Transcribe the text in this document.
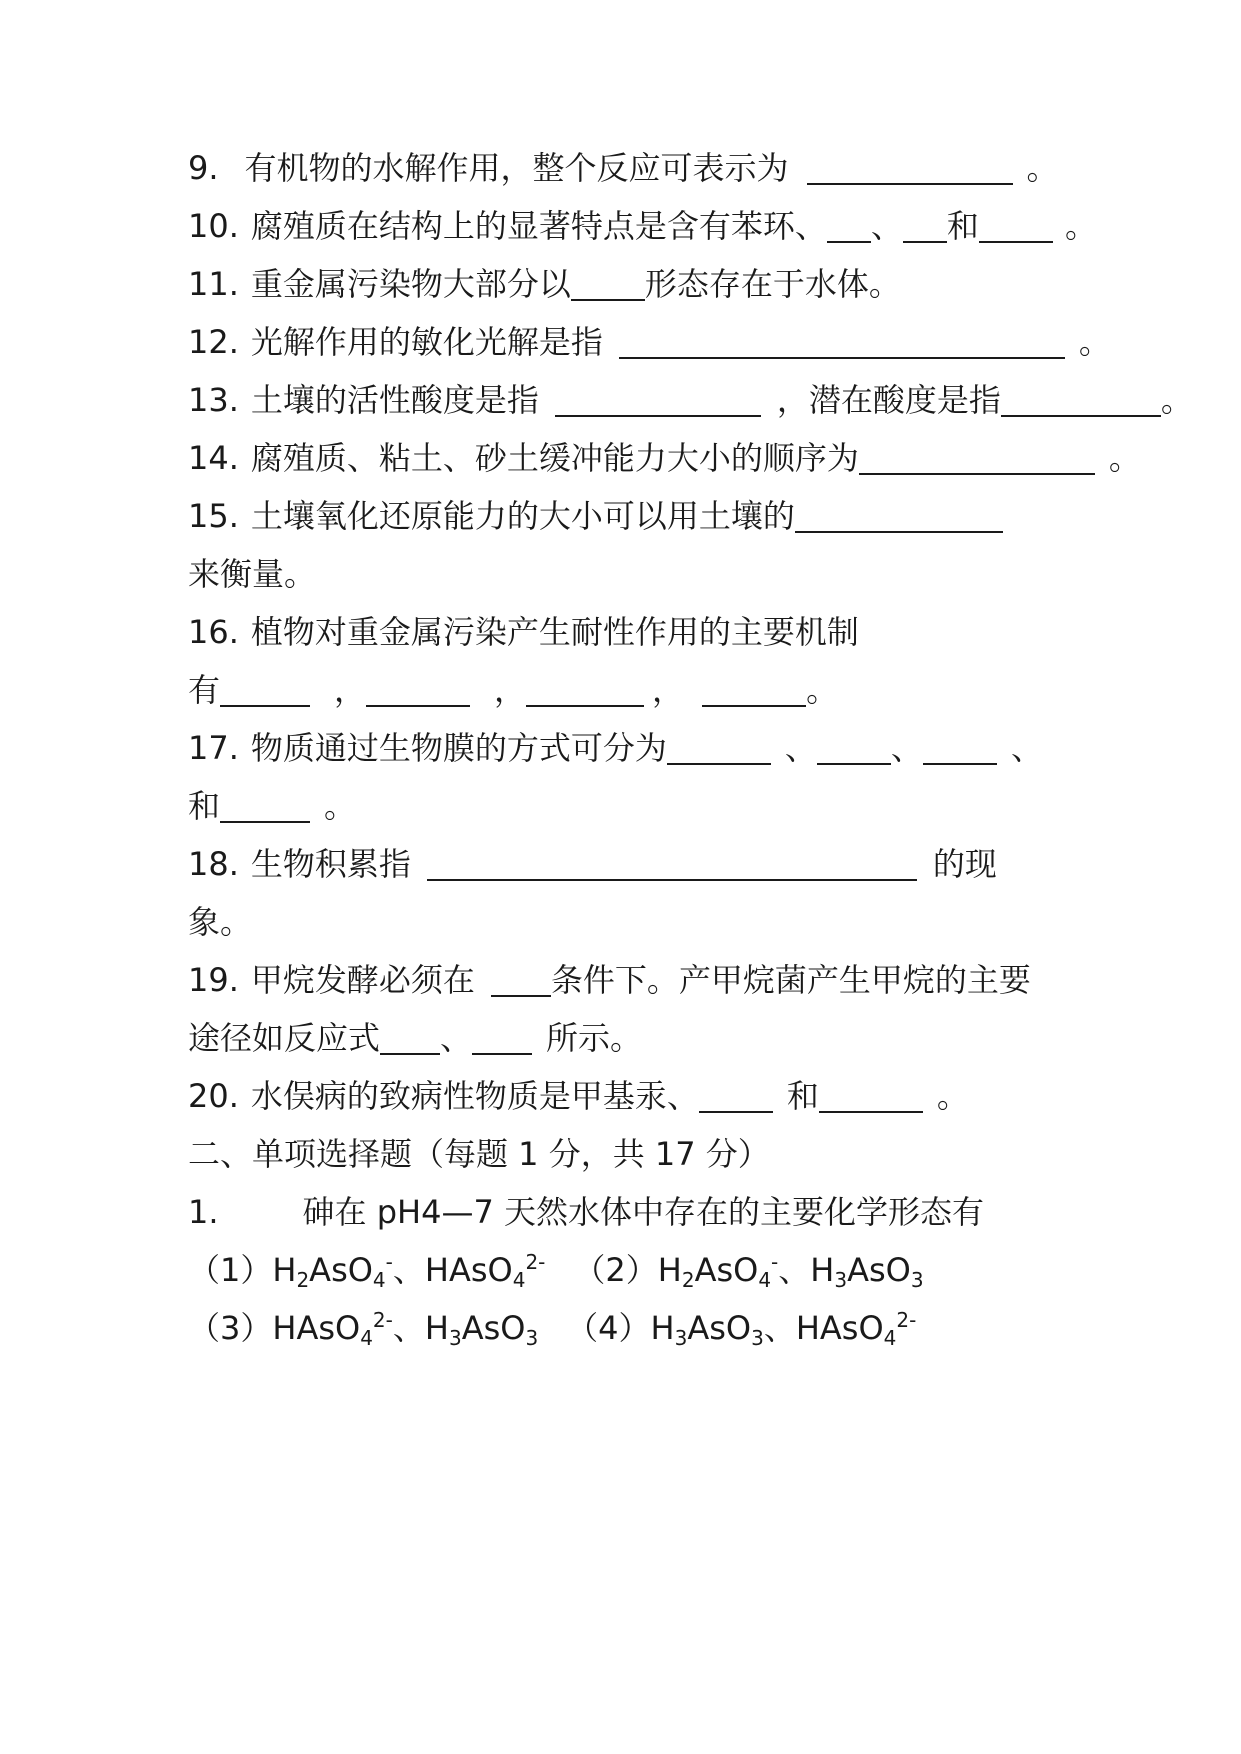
9. 有机物的水解作用，整个反应可表示为	。
10. 腐殖质在结构上的显著特点是含有苯环、 、 和	。
11. 重金属污染物大部分以 形态存在于水体。
12. 光解作用的敏化光解是指	。
13. 土壤的活性酸度是指	，潜在酸度是指	。
14. 腐殖质、粘土、砂土缓冲能力大小的顺序为	。
15. 土壤氧化还原能力的大小可以用土壤的
来衡量。
16. 植物对重金属污染产生耐性作用的主要机制
有	，	，	，	。
17. 物质通过生物膜的方式可分为	、 、	、
和	。
18. 生物积累指	的现
象。
19. 甲烷发酵必须在 条件下。产甲烷菌产生甲烷的主要
途径如反应式 、 所示。
20. 水俣病的致病性物质是甲基汞、	和	。
二、单项选择题（每题 1 分，共 17 分）
1.	砷在 pH4—7 天然水体中存在的主要化学形态有
$(1)H_2AsO_4^-$、HAsO$_4^{2-}$ $(2)H_2AsO_4^-$、$H_3AsO_3$
（3）HAsO$_4^{2-}$、$H_3AsO_3$ $(4)H_3AsO_3$、HAsO$_4^{2-}$
